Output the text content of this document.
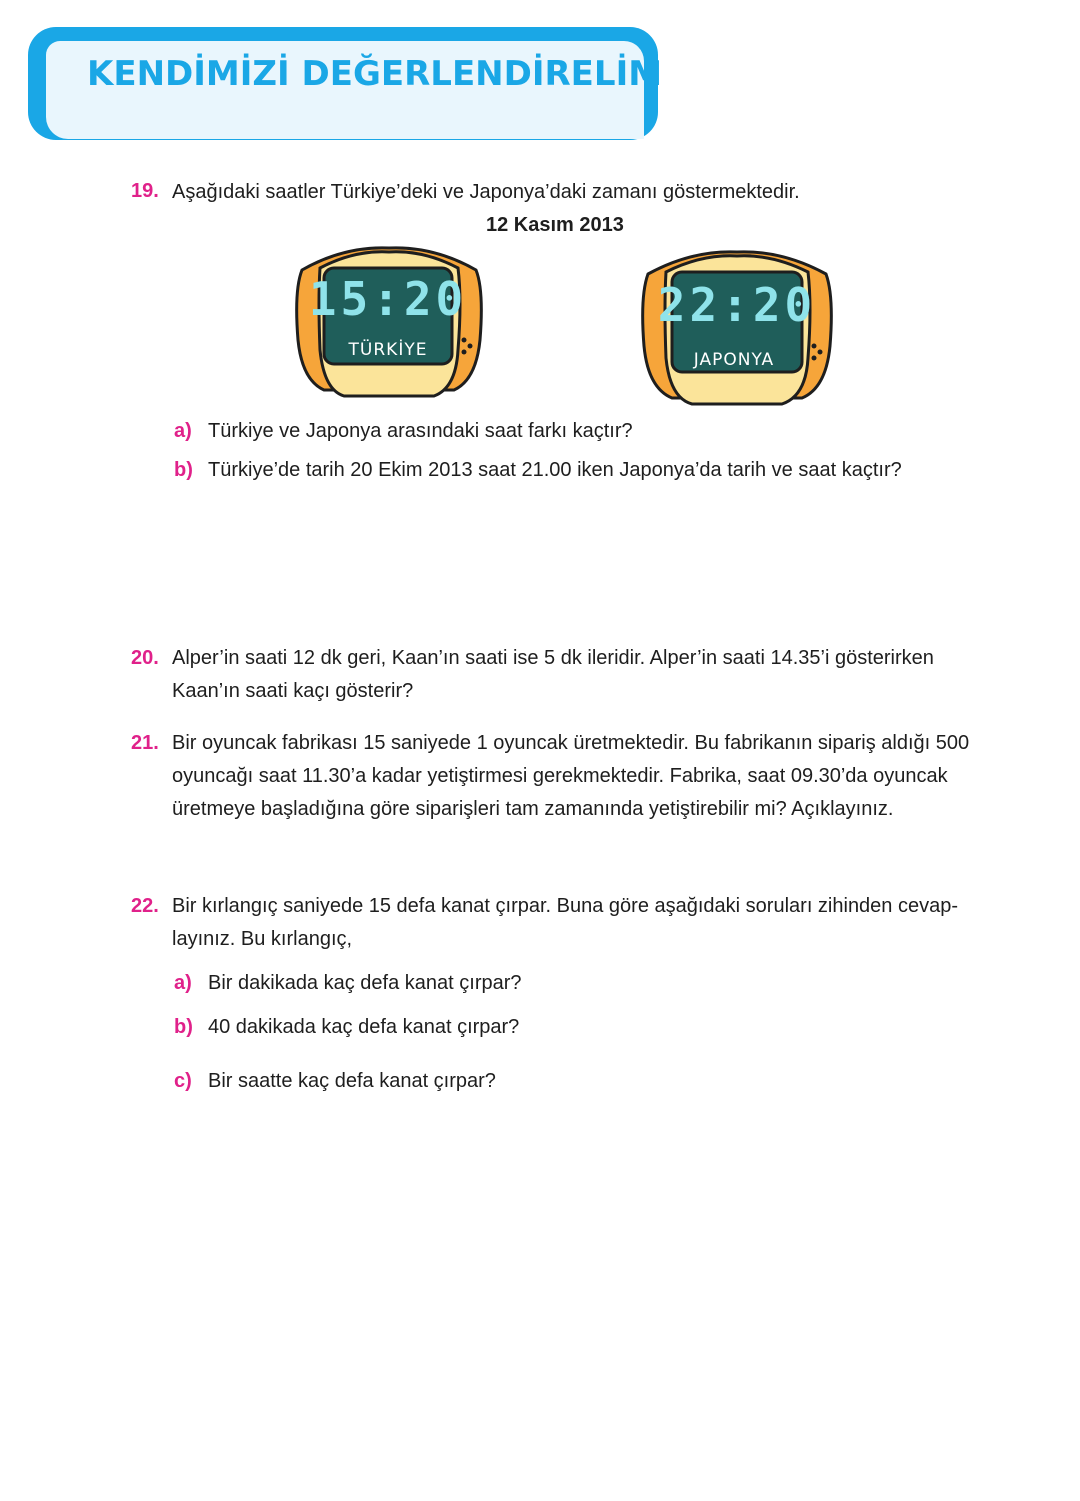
KENDİMİZİ DEĞERLENDİRELİM
19. Aşağıdaki saatler Türkiye’deki ve Japonya’daki zamanı göstermektedir.
12 Kasım 2013
15:20
TÜRKİYE
22:20
JAPONYA
a) Türkiye ve Japonya arasındaki saat farkı kaçtır?
b) Türkiye’de tarih 20 Ekim 2013 saat 21.00 iken Japonya’da tarih ve saat kaçtır?
20. Alper’in saati 12 dk geri, Kaan’ın saati ise 5 dk ileridir. Alper’in saati 14.35’i gösterirken
Kaan’ın saati kaçı gösterir?
21. Bir oyuncak fabrikası 15 saniyede 1 oyuncak üretmektedir. Bu fabrikanın sipariş aldığı 500
oyuncağı saat 11.30’a kadar yetiştirmesi gerekmektedir. Fabrika, saat 09.30’da oyuncak
üretmeye başladığına göre siparişleri tam zamanında yetiştirebilir mi? Açıklayınız.
22. Bir kırlangıç saniyede 15 defa kanat çırpar. Buna göre aşağıdaki soruları zihinden cevap-
layınız. Bu kırlangıç,
a) Bir dakikada kaç defa kanat çırpar?
b) 40 dakikada kaç defa kanat çırpar?
c) Bir saatte kaç defa kanat çırpar?
